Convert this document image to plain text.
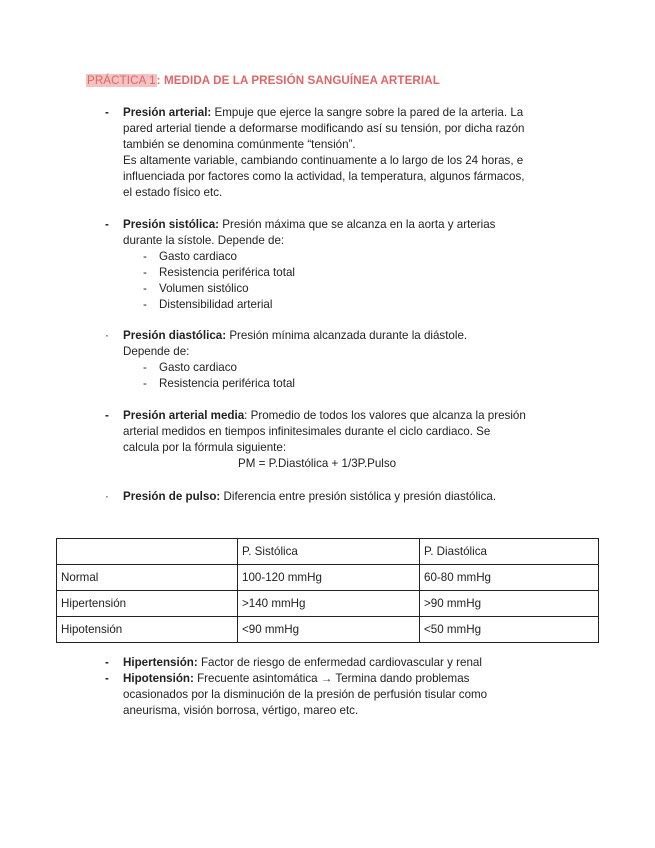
PRÁCTICA 1: MEDIDA DE LA PRESIÓN SANGUÍNEA ARTERIAL
- Presión arterial: Empuje que ejerce la sangre sobre la pared de la arteria. La
pared arterial tiende a deformarse modificando así su tensión, por dicha razón
también se denomina comúnmente “tensión”.
Es altamente variable, cambiando continuamente a lo largo de los 24 horas, e
influenciada por factores como la actividad, la temperatura, algunos fármacos,
el estado físico etc.
- Presión sistólica: Presión máxima que se alcanza en la aorta y arterias
durante la sístole. Depende de:
- Gasto cardiaco
- Resistencia periférica total
- Volumen sistólico
- Distensibilidad arterial
· Presión diastólica: Presión mínima alcanzada durante la diástole.
Depende de:
- Gasto cardiaco
- Resistencia periférica total
- Presión arterial media: Promedio de todos los valores que alcanza la presión
arterial medidos en tiempos infinitesimales durante el ciclo cardiaco. Se
calcula por la fórmula siguiente:
PM = P.Diastólica + 1/3P.Pulso
· Presión de pulso: Diferencia entre presión sistólica y presión diastólica.
	P. Sistólica	P. Diastólica
Normal	100-120 mmHg	60-80 mmHg
Hipertensión	>140 mmHg	>90 mmHg
Hipotensión	<90 mmHg	<50 mmHg
- Hipertensión: Factor de riesgo de enfermedad cardiovascular y renal
- Hipotensión: Frecuente asintomática → Termina dando problemas
ocasionados por la disminución de la presión de perfusión tisular como
aneurisma, visión borrosa, vértigo, mareo etc.
